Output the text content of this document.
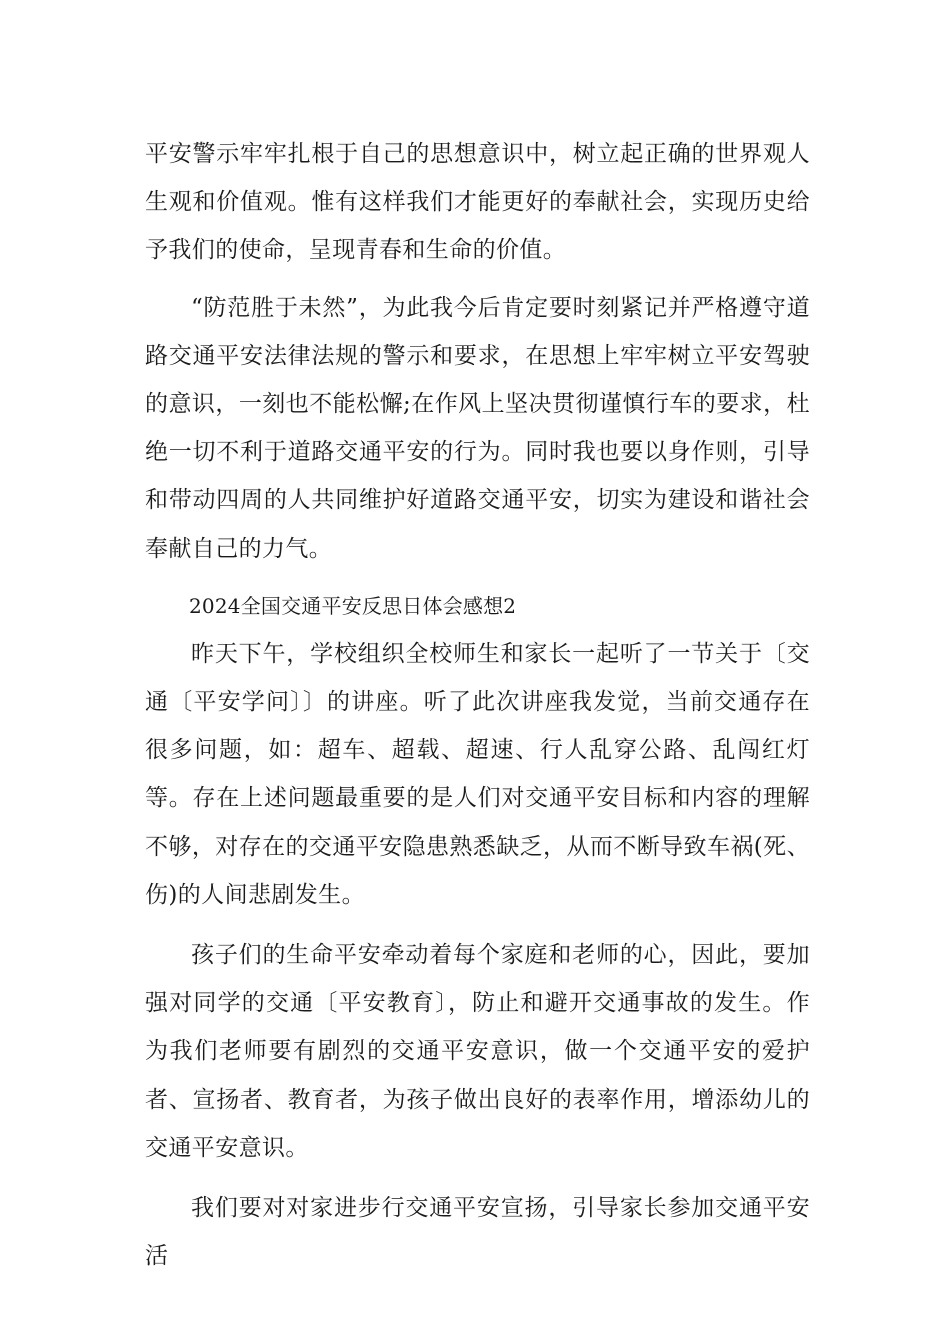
平安警示牢牢扎根于自己的思想意识中，树立起正确的世界观人生观和价值观。惟有这样我们才能更好的奉献社会，实现历史给予我们的使命，呈现青春和生命的价值。

“防范胜于未然”，为此我今后肯定要时刻紧记并严格遵守道路交通平安法律法规的警示和要求，在思想上牢牢树立平安驾驶的意识，一刻也不能松懈;在作风上坚决贯彻谨慎行车的要求，杜绝一切不利于道路交通平安的行为。同时我也要以身作则，引导和带动四周的人共同维护好道路交通平安，切实为建设和谐社会奉献自己的力气。

2024全国交通平安反思日体会感想2

昨天下午，学校组织全校师生和家长一起听了一节关于〔交通〔平安学问〕〕的讲座。听了此次讲座我发觉，当前交通存在很多问题，如：超车、超载、超速、行人乱穿公路、乱闯红灯等。存在上述问题最重要的是人们对交通平安目标和内容的理解不够，对存在的交通平安隐患熟悉缺乏，从而不断导致车祸(死、伤)的人间悲剧发生。

孩子们的生命平安牵动着每个家庭和老师的心，因此，要加强对同学的交通〔平安教育〕，防止和避开交通事故的发生。作为我们老师要有剧烈的交通平安意识，做一个交通平安的爱护者、宣扬者、教育者，为孩子做出良好的表率作用，增添幼儿的交通平安意识。

我们要对对家进步行交通平安宣扬，引导家长参加交通平安活
